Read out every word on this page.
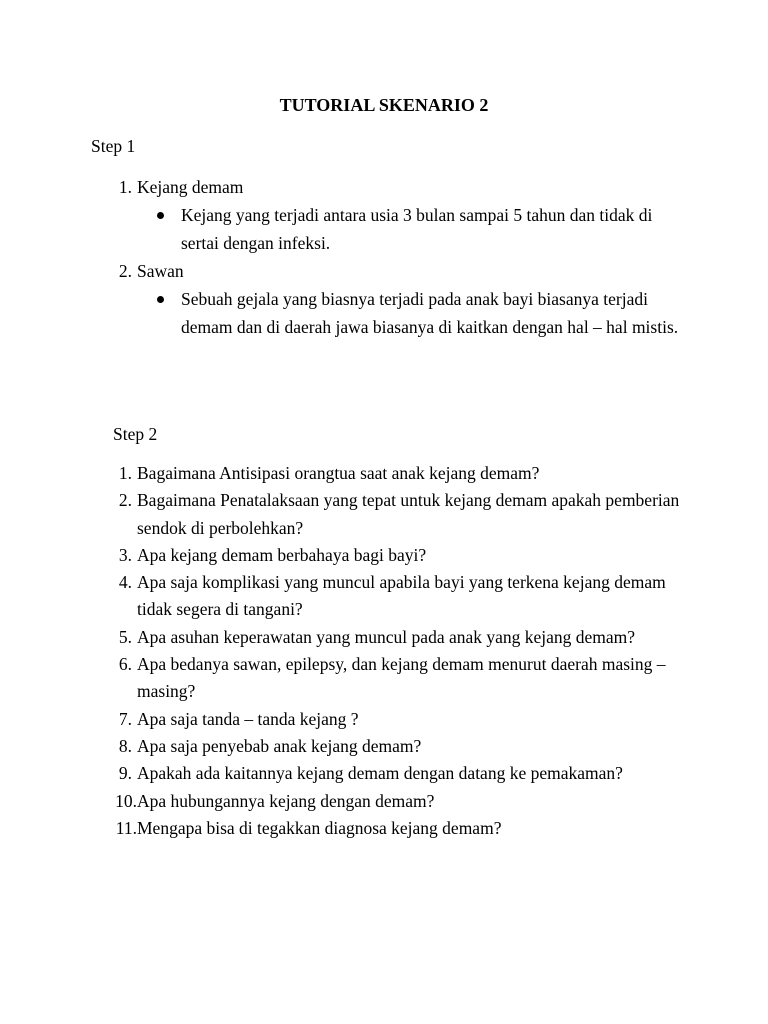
TUTORIAL SKENARIO 2
Step 1
1. Kejang demam
Kejang yang terjadi antara usia 3 bulan sampai 5 tahun dan tidak di sertai dengan infeksi.
2. Sawan
Sebuah gejala yang biasnya terjadi pada anak bayi biasanya terjadi demam dan di daerah jawa biasanya di kaitkan dengan hal – hal mistis.
Step 2
1. Bagaimana Antisipasi orangtua saat anak kejang demam?
2. Bagaimana Penatalaksaan yang tepat untuk kejang demam apakah pemberian sendok di perbolehkan?
3. Apa kejang demam berbahaya bagi bayi?
4. Apa saja komplikasi yang muncul apabila bayi yang terkena kejang demam tidak segera di tangani?
5. Apa asuhan keperawatan yang muncul pada anak yang kejang demam?
6. Apa bedanya sawan, epilepsy, dan kejang demam menurut daerah masing – masing?
7. Apa saja tanda – tanda kejang ?
8. Apa saja penyebab anak kejang demam?
9. Apakah ada kaitannya kejang demam dengan datang ke pemakaman?
10. Apa hubungannya kejang dengan demam?
11. Mengapa bisa di tegakkan diagnosa kejang demam?
